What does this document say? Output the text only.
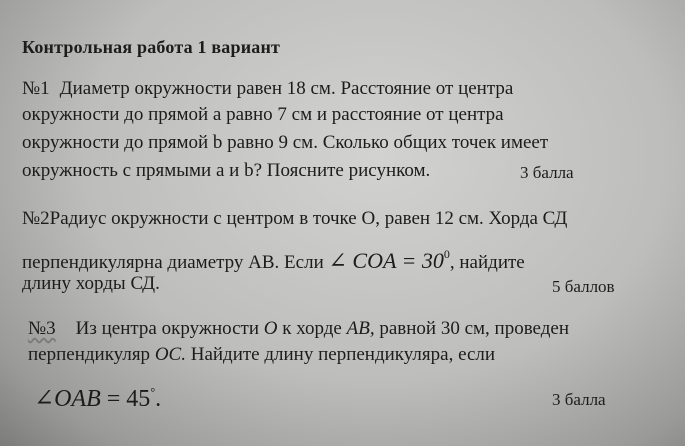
Контрольная работа 1 вариант
№1 Диаметр окружности равен 18 см. Расстояние от центра
окружности до прямой а равно 7 см и расстояние от центра
окружности до прямой b равно 9 см. Сколько общих точек имеет
окружность с прямыми а и b? Поясните рисунком.	3 балла
№2Радиус окружности с центром в точке О, равен 12 см. Хорда СД
перпендикулярна диаметру АВ. Если ∠ COA = $30^0$, найдите
длину хорды СД.	5 баллов
№3 Из центра окружности O к хорде AB, равной 30 см, проведен
перпендикуляр OC. Найдите длину перпендикуляра, если
∠OAB = 45°.	3 балла
